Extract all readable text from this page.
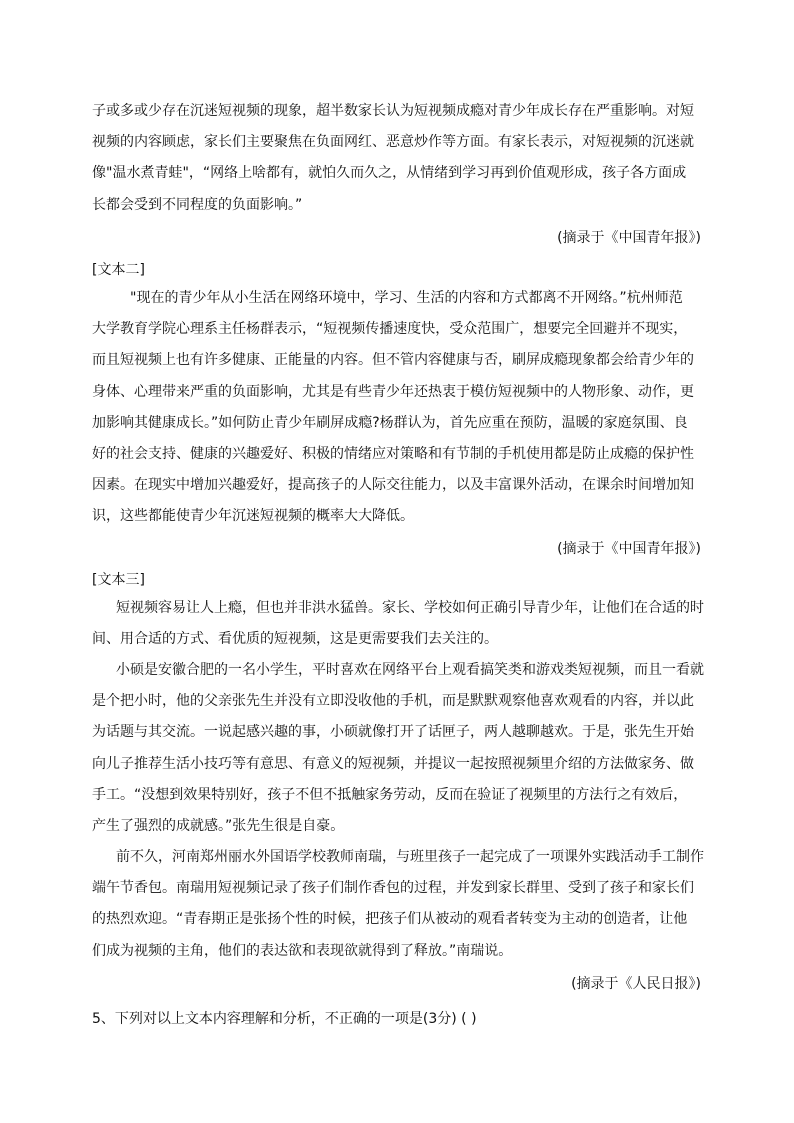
子或多或少存在沉迷短视频的现象，超半数家长认为短视频成瘾对青少年成长存在严重影响。对短
视频的内容顾虑，家长们主要聚焦在负面网红、恶意炒作等方面。有家长表示，对短视频的沉迷就
像"温水煮青蛙"，“网络上啥都有，就怕久而久之，从情绪到学习再到价值观形成，孩子各方面成
长都会受到不同程度的负面影响。”
(摘录于《中国青年报》)
[文本二]
"现在的青少年从小生活在网络环境中，学习、生活的内容和方式都离不开网络。”杭州师范
大学教育学院心理系主任杨群表示，“短视频传播速度快，受众范围广，想要完全回避并不现实，
而且短视频上也有许多健康、正能量的内容。但不管内容健康与否，刷屏成瘾现象都会给青少年的
身体、心理带来严重的负面影响，尤其是有些青少年还热衷于模仿短视频中的人物形象、动作，更
加影响其健康成长。”如何防止青少年刷屏成瘾?杨群认为，首先应重在预防，温暖的家庭氛围、良
好的社会支持、健康的兴趣爱好、积极的情绪应对策略和有节制的手机使用都是防止成瘾的保护性
因素。在现实中增加兴趣爱好，提高孩子的人际交往能力，以及丰富课外活动，在课余时间增加知
识，这些都能使青少年沉迷短视频的概率大大降低。
(摘录于《中国青年报》)
[文本三]
短视频容易让人上瘾，但也并非洪水猛兽。家长、学校如何正确引导青少年，让他们在合适的时
间、用合适的方式、看优质的短视频，这是更需要我们去关注的。
小硕是安徽合肥的一名小学生，平时喜欢在网络平台上观看搞笑类和游戏类短视频，而且一看就
是个把小时，他的父亲张先生并没有立即没收他的手机，而是默默观察他喜欢观看的内容，并以此
为话题与其交流。一说起感兴趣的事，小硕就像打开了话匣子，两人越聊越欢。于是，张先生开始
向儿子推荐生活小技巧等有意思、有意义的短视频，并提议一起按照视频里介绍的方法做家务、做
手工。“没想到效果特别好，孩子不但不抵触家务劳动，反而在验证了视频里的方法行之有效后，
产生了强烈的成就感。”张先生很是自豪。
前不久，河南郑州丽水外国语学校教师南瑞，与班里孩子一起完成了一项课外实践活动手工制作
端午节香包。南瑞用短视频记录了孩子们制作香包的过程，并发到家长群里、受到了孩子和家长们
的热烈欢迎。“青春期正是张扬个性的时候，把孩子们从被动的观看者转变为主动的创造者，让他
们成为视频的主角，他们的表达欲和表现欲就得到了释放。”南瑞说。
(摘录于《人民日报》)
5、下列对以上文本内容理解和分析，不正确的一项是(3分) ( )
